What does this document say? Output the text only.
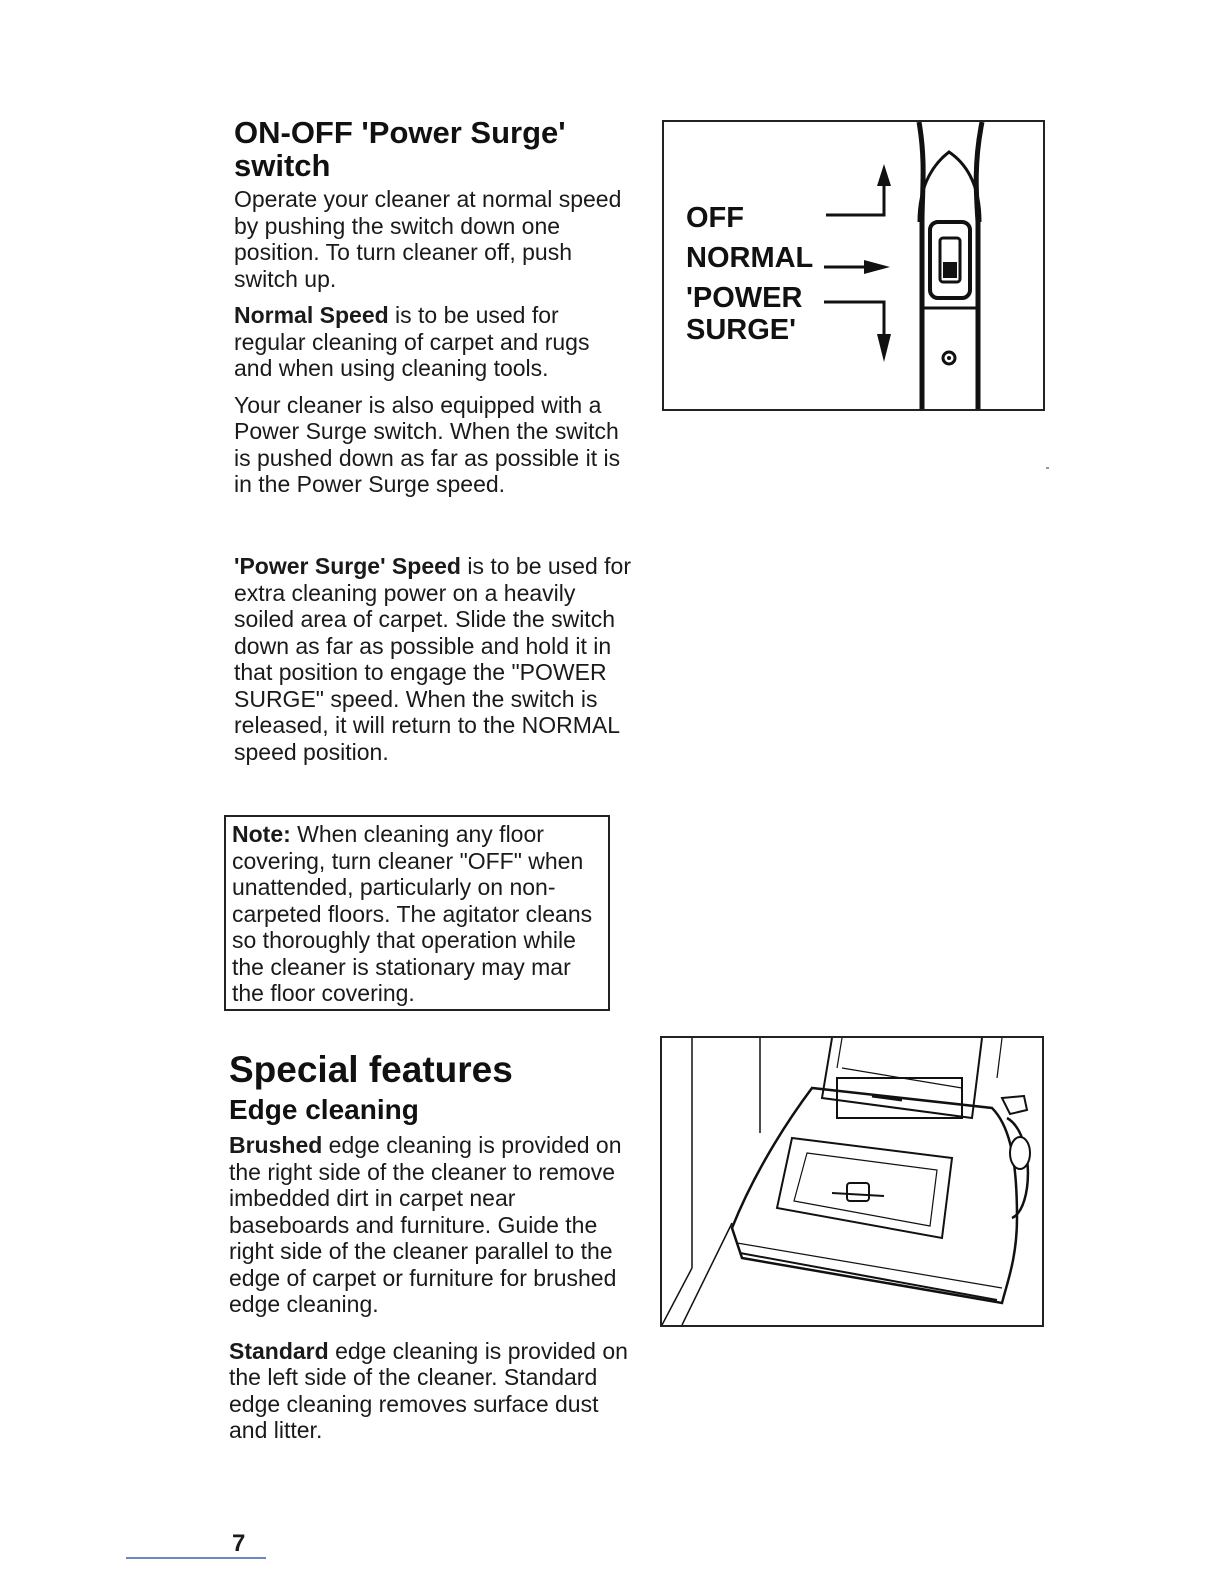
ON-OFF 'Power Surge'
switch

Operate your cleaner at normal speed by pushing the switch down one position. To turn cleaner off, push switch up.

Normal Speed is to be used for regular cleaning of carpet and rugs and when using cleaning tools.

Your cleaner is also equipped with a Power Surge switch. When the switch is pushed down as far as possible it is in the Power Surge speed.

'Power Surge' Speed is to be used for extra cleaning power on a heavily soiled area of carpet. Slide the switch down as far as possible and hold it in that position to engage the "POWER SURGE" speed. When the switch is released, it will return to the NORMAL speed position.

Note: When cleaning any floor covering, turn cleaner "OFF" when unattended, particularly on non-carpeted floors. The agitator cleans so thoroughly that operation while the cleaner is stationary may mar the floor covering.

Special features
Edge cleaning

Brushed edge cleaning is provided on the right side of the cleaner to remove imbedded dirt in carpet near baseboards and furniture. Guide the right side of the cleaner parallel to the edge of carpet or furniture for brushed edge cleaning.

Standard edge cleaning is provided on the left side of the cleaner. Standard edge cleaning removes surface dust and litter.

OFF
NORMAL
'POWER
SURGE'
7
